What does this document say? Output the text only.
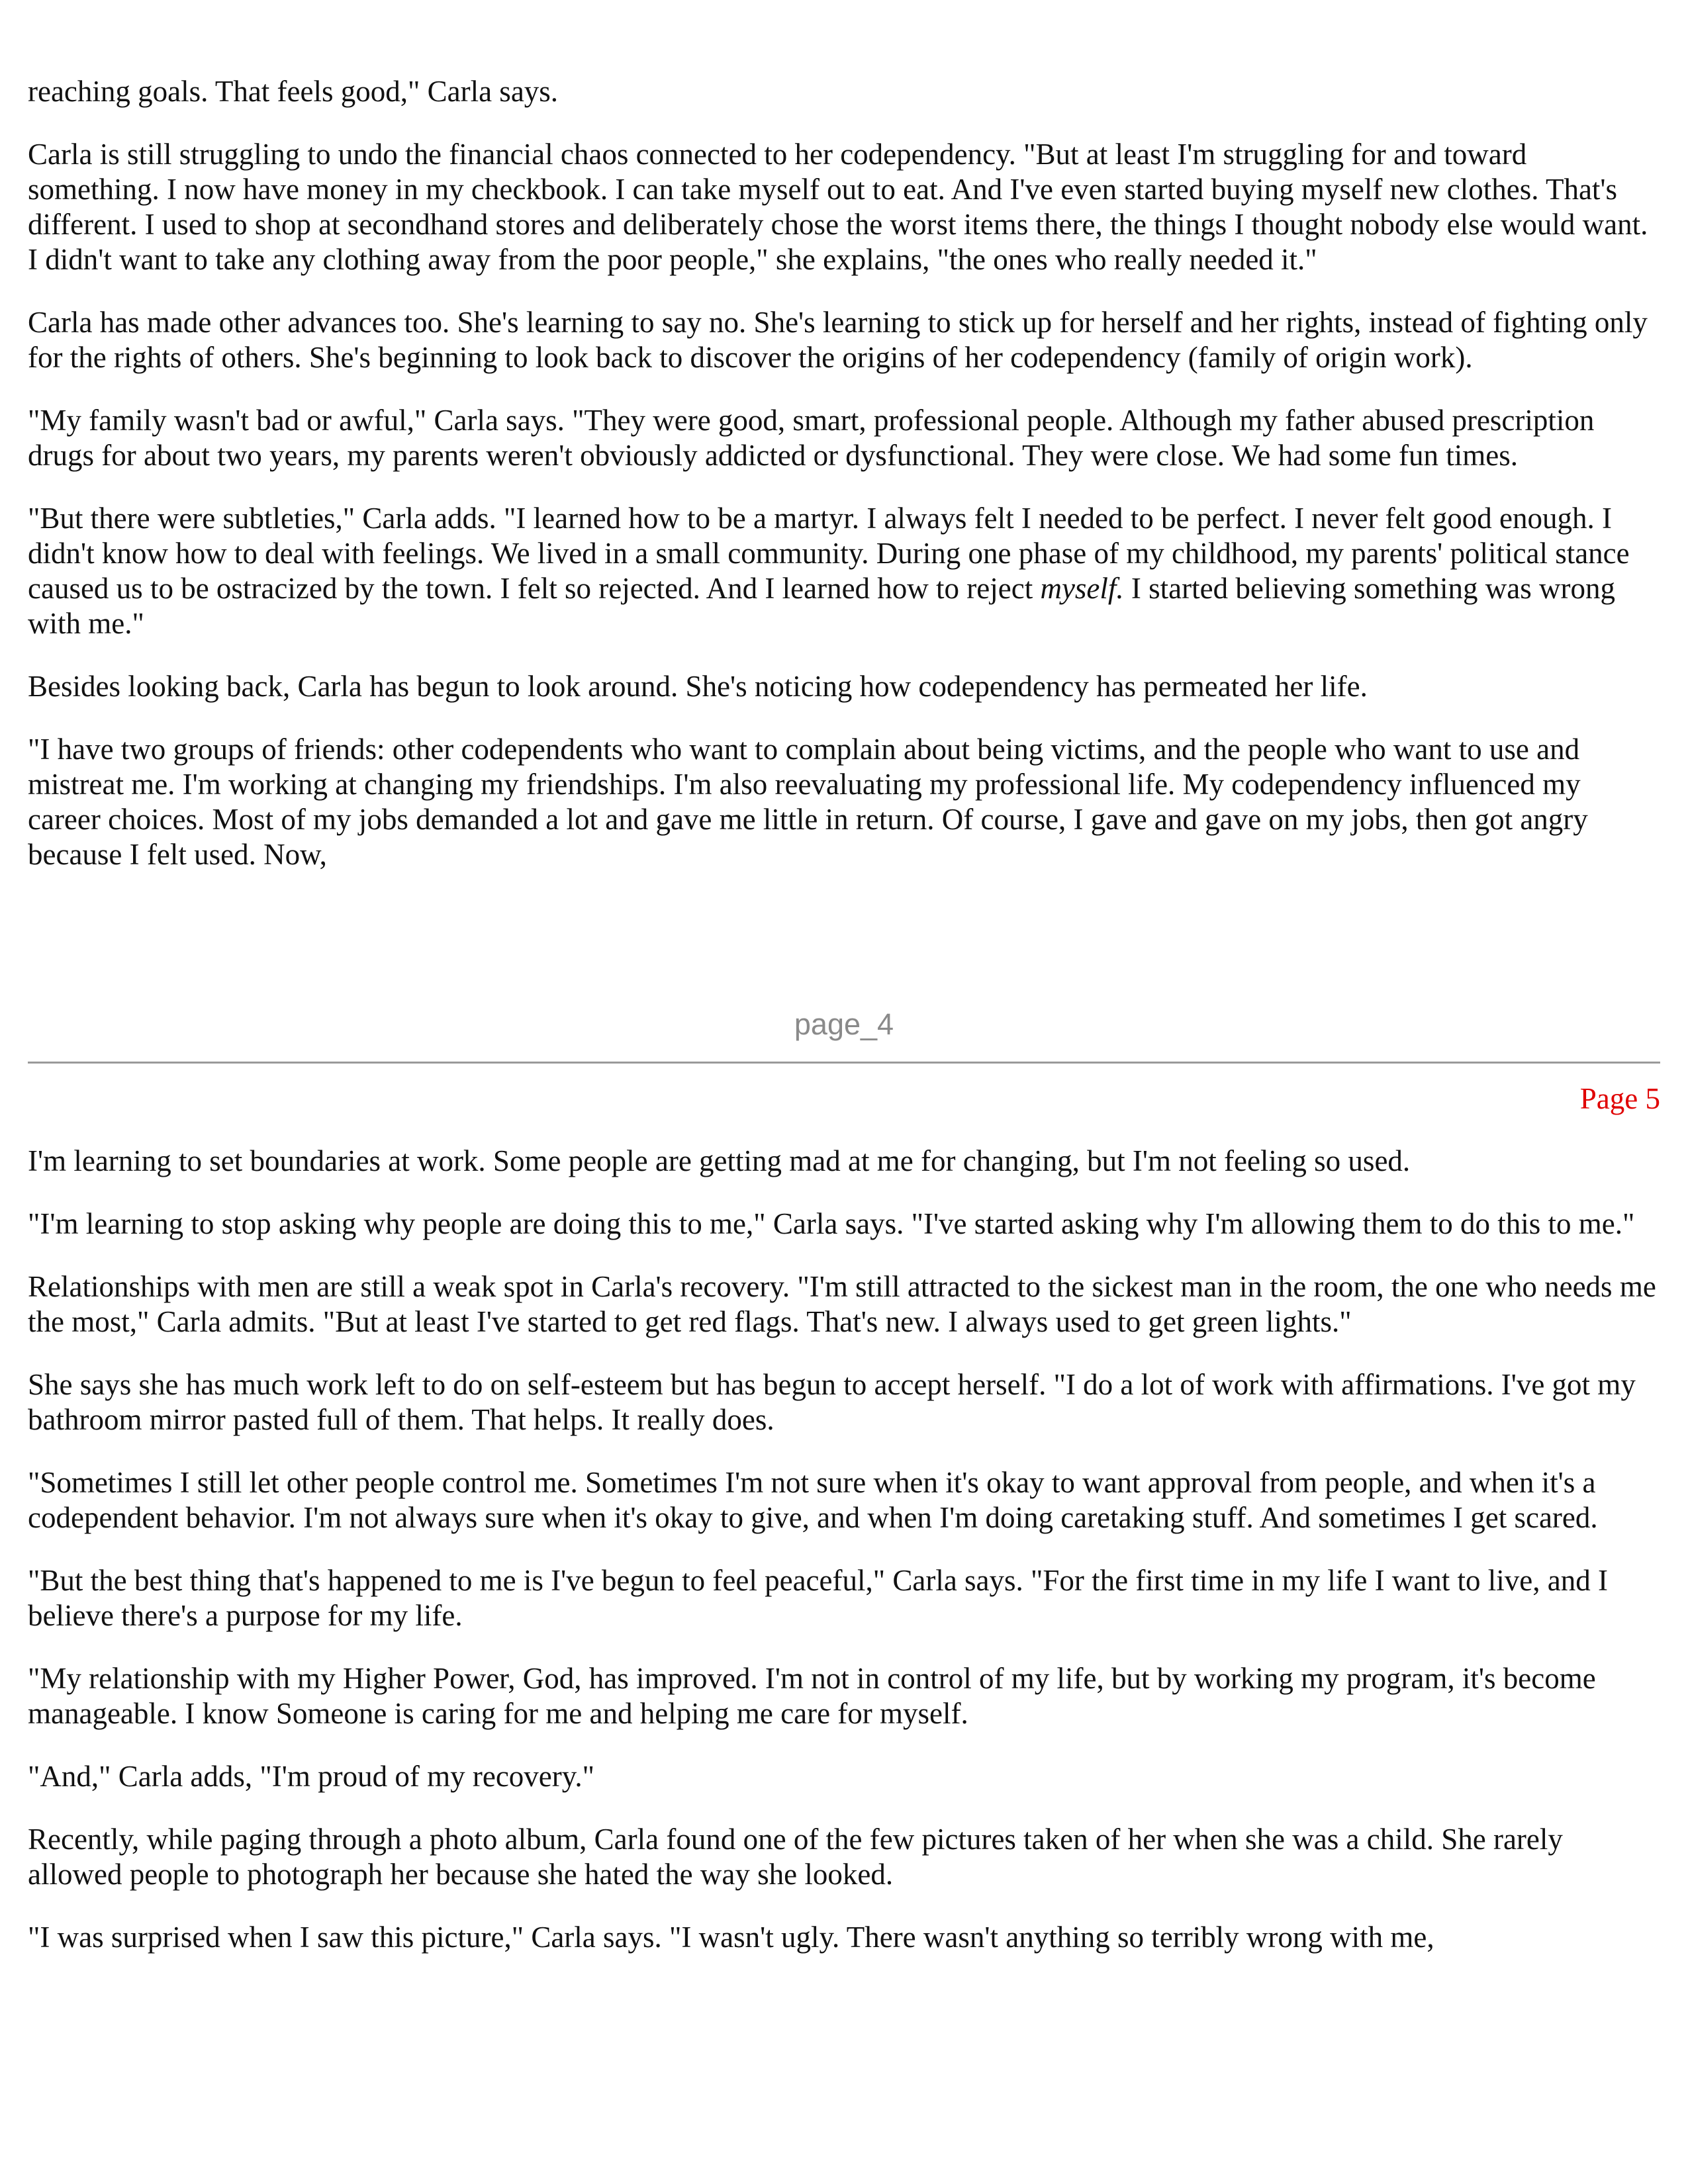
reaching goals. That feels good," Carla says.

Carla is still struggling to undo the financial chaos connected to her codependency. "But at least I'm struggling for and toward something. I now have money in my checkbook. I can take myself out to eat. And I've even started buying myself new clothes. That's different. I used to shop at secondhand stores and deliberately chose the worst items there, the things I thought nobody else would want. I didn't want to take any clothing away from the poor people," she explains, "the ones who really needed it."

Carla has made other advances too. She's learning to say no. She's learning to stick up for herself and her rights, instead of fighting only for the rights of others. She's beginning to look back to discover the origins of her codependency (family of origin work).

"My family wasn't bad or awful," Carla says. "They were good, smart, professional people. Although my father abused prescription drugs for about two years, my parents weren't obviously addicted or dysfunctional. They were close. We had some fun times.

"But there were subtleties," Carla adds. "I learned how to be a martyr. I always felt I needed to be perfect. I never felt good enough. I didn't know how to deal with feelings. We lived in a small community. During one phase of my childhood, my parents' political stance caused us to be ostracized by the town. I felt so rejected. And I learned how to reject myself. I started believing something was wrong with me."

Besides looking back, Carla has begun to look around. She's noticing how codependency has permeated her life.

"I have two groups of friends: other codependents who want to complain about being victims, and the people who want to use and mistreat me. I'm working at changing my friendships. I'm also reevaluating my professional life. My codependency influenced my career choices. Most of my jobs demanded a lot and gave me little in return. Of course, I gave and gave on my jobs, then got angry because I felt used. Now,

page_4
Page 5

I'm learning to set boundaries at work. Some people are getting mad at me for changing, but I'm not feeling so used.

"I'm learning to stop asking why people are doing this to me," Carla says. "I've started asking why I'm allowing them to do this to me."

Relationships with men are still a weak spot in Carla's recovery. "I'm still attracted to the sickest man in the room, the one who needs me the most," Carla admits. "But at least I've started to get red flags. That's new. I always used to get green lights."

She says she has much work left to do on self-esteem but has begun to accept herself. "I do a lot of work with affirmations. I've got my bathroom mirror pasted full of them. That helps. It really does.

"Sometimes I still let other people control me. Sometimes I'm not sure when it's okay to want approval from people, and when it's a codependent behavior. I'm not always sure when it's okay to give, and when I'm doing caretaking stuff. And sometimes I get scared.

"But the best thing that's happened to me is I've begun to feel peaceful," Carla says. "For the first time in my life I want to live, and I believe there's a purpose for my life.

"My relationship with my Higher Power, God, has improved. I'm not in control of my life, but by working my program, it's become manageable. I know Someone is caring for me and helping me care for myself.

"And," Carla adds, "I'm proud of my recovery."

Recently, while paging through a photo album, Carla found one of the few pictures taken of her when she was a child. She rarely allowed people to photograph her because she hated the way she looked.

"I was surprised when I saw this picture," Carla says. "I wasn't ugly. There wasn't anything so terribly wrong with me,
